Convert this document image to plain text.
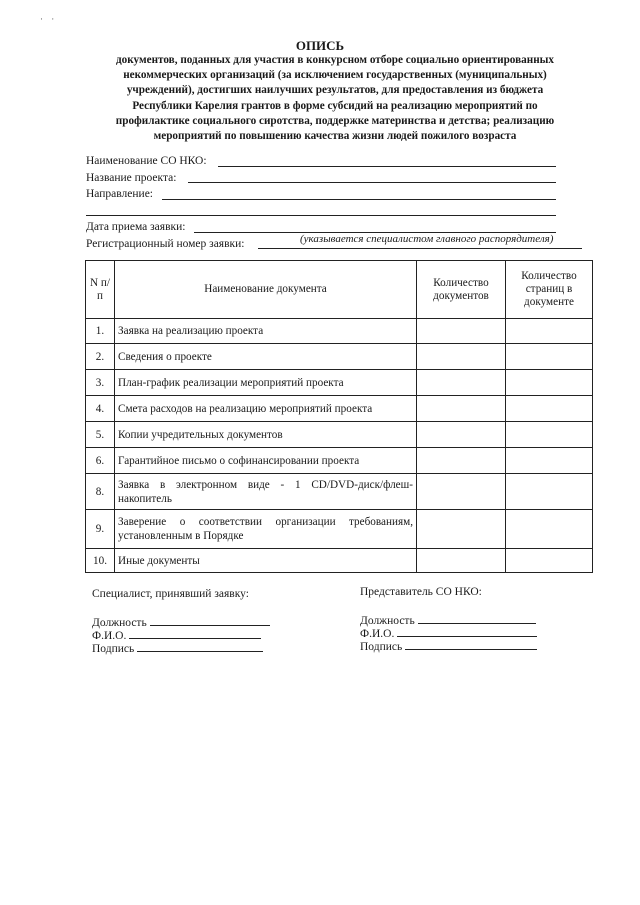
· ·
ОПИСЬ
документов, поданных для участия в конкурсном отборе социально ориентированных
некоммерческих организаций (за исключением государственных (муниципальных)
учреждений), достигших наилучших результатов, для предоставления из бюджета
Республики Карелия грантов в форме субсидий на реализацию мероприятий по
профилактике социального сиротства, поддержке материнства и детства; реализацию
мероприятий по повышению качества жизни людей пожилого возраста
Наименование СО НКО:
Название проекта:
Направление:
Дата приема заявки:
Регистрационный номер заявки:	(указывается специалистом главного распорядителя)
N п/п	Наименование документа	Количество документов	Количество страниц в документе
1.	Заявка на реализацию проекта		
2.	Сведения о проекте		
3.	План-график реализации мероприятий проекта		
4.	Смета расходов на реализацию мероприятий проекта		
5.	Копии учредительных документов		
6.	Гарантийное письмо о софинансировании проекта		
8.	Заявка в электронном виде - 1 CD/DVD-диск/флеш-накопитель		
9.	Заверение о соответствии организации требованиям, установленным в Порядке		
10.	Иные документы		
Специалист, принявший заявку:
Должность
Ф.И.О.
Подпись
Представитель СО НКО:
Должность
Ф.И.О.
Подпись
